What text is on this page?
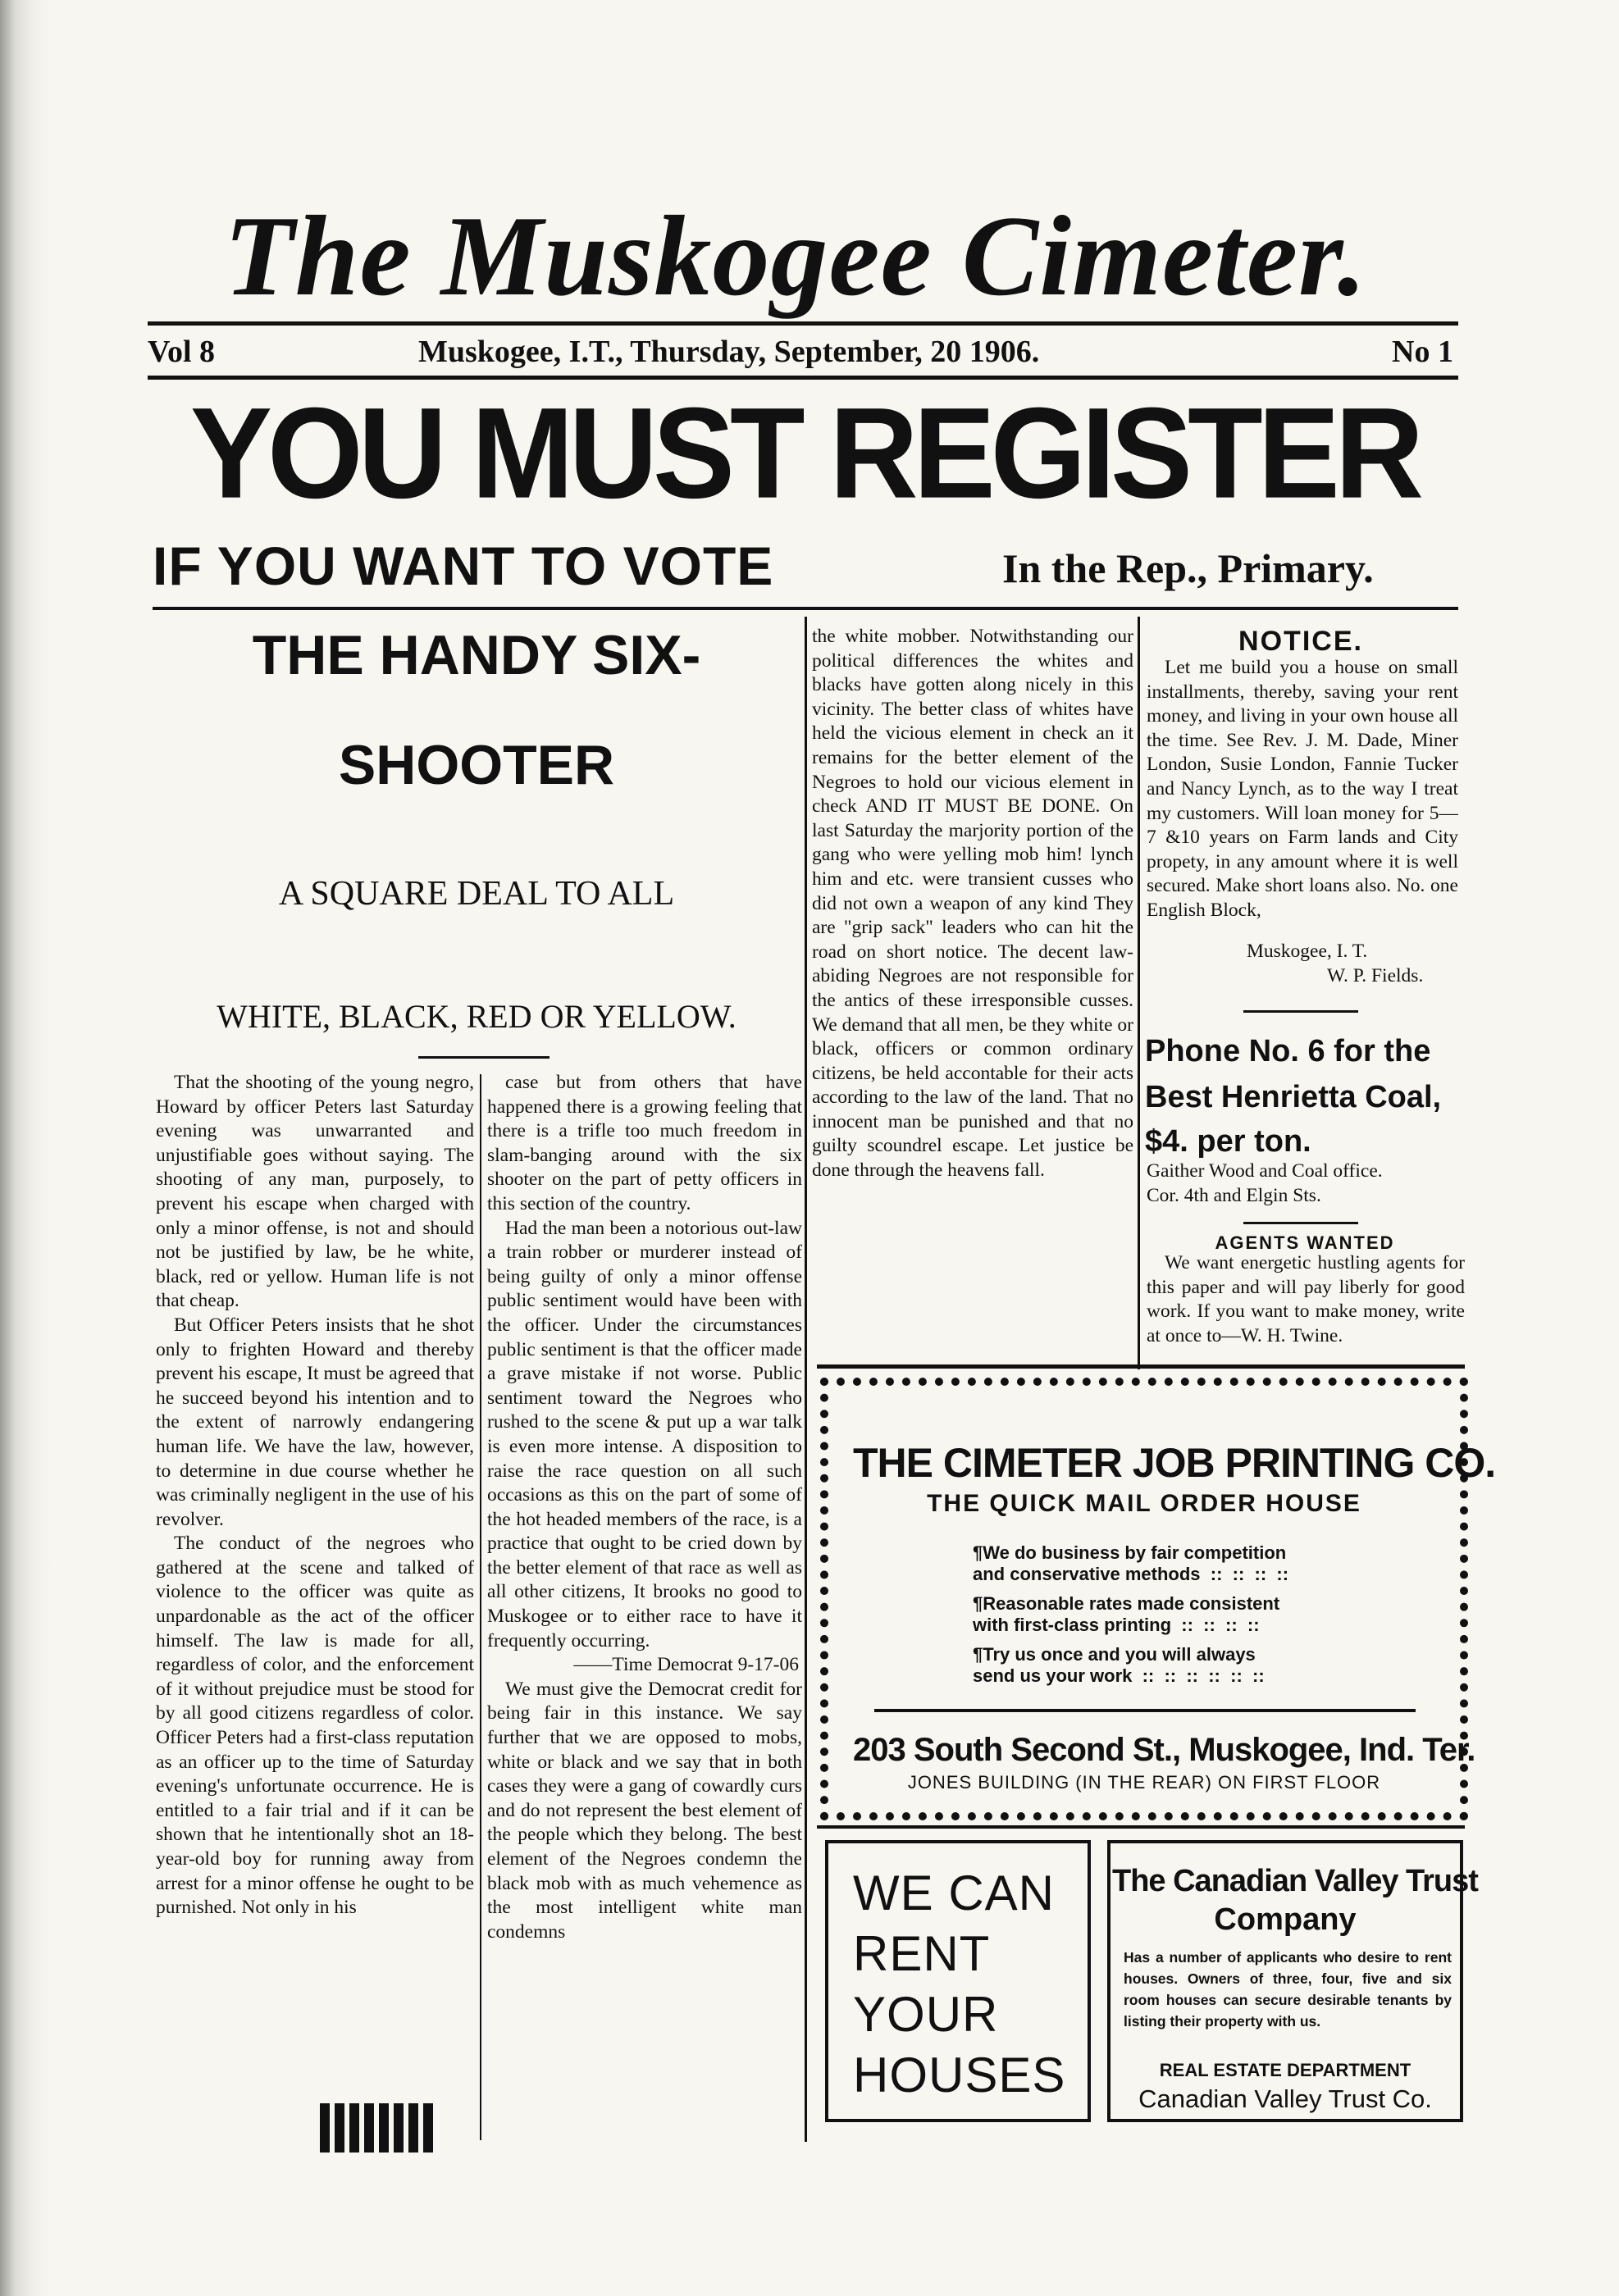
The Muskogee Cimeter.
Vol 8	Muskogee, I.T., Thursday, September, 20 1906.	No 1
YOU MUST REGISTER
IF YOU WANT TO VOTE	In the Rep., Primary.
THE HANDY SIX-
SHOOTER
A SQUARE DEAL TO ALL
WHITE, BLACK, RED OR YELLOW.

That the shooting of the young negro, Howard by officer Peters last Saturday evening was unwarranted and unjustifiable goes without saying. The shooting of any man, purposely, to prevent his escape when charged with only a minor offense, is not and should not be justified by law, be he white, black, red or yellow. Human life is not that cheap.

But Officer Peters insists that he shot only to frighten Howard and thereby prevent his escape, It must be agreed that he succeed beyond his intention and to the extent of narrowly endangering human life. We have the law, however, to determine in due course whether he was criminally negligent in the use of his revolver.

The conduct of the negroes who gathered at the scene and talked of violence to the officer was quite as unpardonable as the act of the officer himself. The law is made for all, regardless of color, and the enforcement of it without prejudice must be stood for by all good citizens regardless of color. Officer Peters had a first-class reputation as an officer up to the time of Saturday evening's unfortunate occurrence. He is entitled to a fair trial and if it can be shown that he intentionally shot an 18-year-old boy for running away from arrest for a minor offense he ought to be purnished. Not only in his

case but from others that have happened there is a growing feeling that there is a trifle too much freedom in slam-banging around with the six shooter on the part of petty officers in this section of the country.

Had the man been a notorious out-law a train robber or murderer instead of being guilty of only a minor offense public sentiment would have been with the officer. Under the circumstances public sentiment is that the officer made a grave mistake if not worse. Public sentiment toward the Negroes who rushed to the scene & put up a war talk is even more intense. A disposition to raise the race question on all such occasions as this on the part of some of the hot headed members of the race, is a practice that ought to be cried down by the better element of that race as well as all other citizens, It brooks no good to Muskogee or to either race to have it frequently occurring.

——Time Democrat 9-17-06

We must give the Democrat credit for being fair in this instance. We say further that we are opposed to mobs, white or black and we say that in both cases they were a gang of cowardly curs and do not represent the best element of the people which they belong. The best element of the Negroes condemn the black mob with as much vehemence as the most intelligent white man condemns

the white mobber. Notwithstanding our political differences the whites and blacks have gotten along nicely in this vicinity. The better class of whites have held the vicious element in check an it remains for the better element of the Negroes to hold our vicious element in check AND IT MUST BE DONE. On last Saturday the marjority portion of the gang who were yelling mob him! lynch him and etc. were transient cusses who did not own a weapon of any kind They are "grip sack" leaders who can hit the road on short notice. The decent law-abiding Negroes are not responsible for the antics of these irresponsible cusses. We demand that all men, be they white or black, officers or common ordinary citizens, be held accontable for their acts according to the law of the land. That no innocent man be punished and that no guilty scoundrel escape. Let justice be done through the heavens fall.

NOTICE.

Let me build you a house on small installments, thereby, saving your rent money, and living in your own house all the time. See Rev. J. M. Dade, Miner London, Susie London, Fannie Tucker and Nancy Lynch, as to the way I treat my customers. Will loan money for 5—7 &10 years on Farm lands and City propety, in any amount where it is well secured. Make short loans also. No. one English Block,

Muskogee, I. T.
W. P. Fields.
Phone No. 6 for the
Best Henrietta Coal,
$4. per ton.
Gaither Wood and Coal office.
Cor. 4th and Elgin Sts.
AGENTS WANTED

We want energetic hustling agents for this paper and will pay liberly for good work. If you want to make money, write at once to—W. H. Twine.

THE CIMETER JOB PRINTING CO.
THE QUICK MAIL ORDER HOUSE
¶We do business by fair competition
and conservative methods  ::  ::  ::  ::
¶Reasonable rates made consistent
with first-class printing  ::  ::  ::  ::
¶Try us once and you will always
send us your work  ::  ::  ::  ::  ::  ::
203 South Second St., Muskogee, Ind. Ter.
JONES BUILDING (IN THE REAR) ON FIRST FLOOR
WE CAN
RENT
YOUR
HOUSES
The Canadian Valley Trust
Company
Has a number of applicants who desire to rent houses. Owners of three, four, five and six room houses can secure desirable tenants by listing their property with us.
REAL ESTATE DEPARTMENT
Canadian Valley Trust Co.
